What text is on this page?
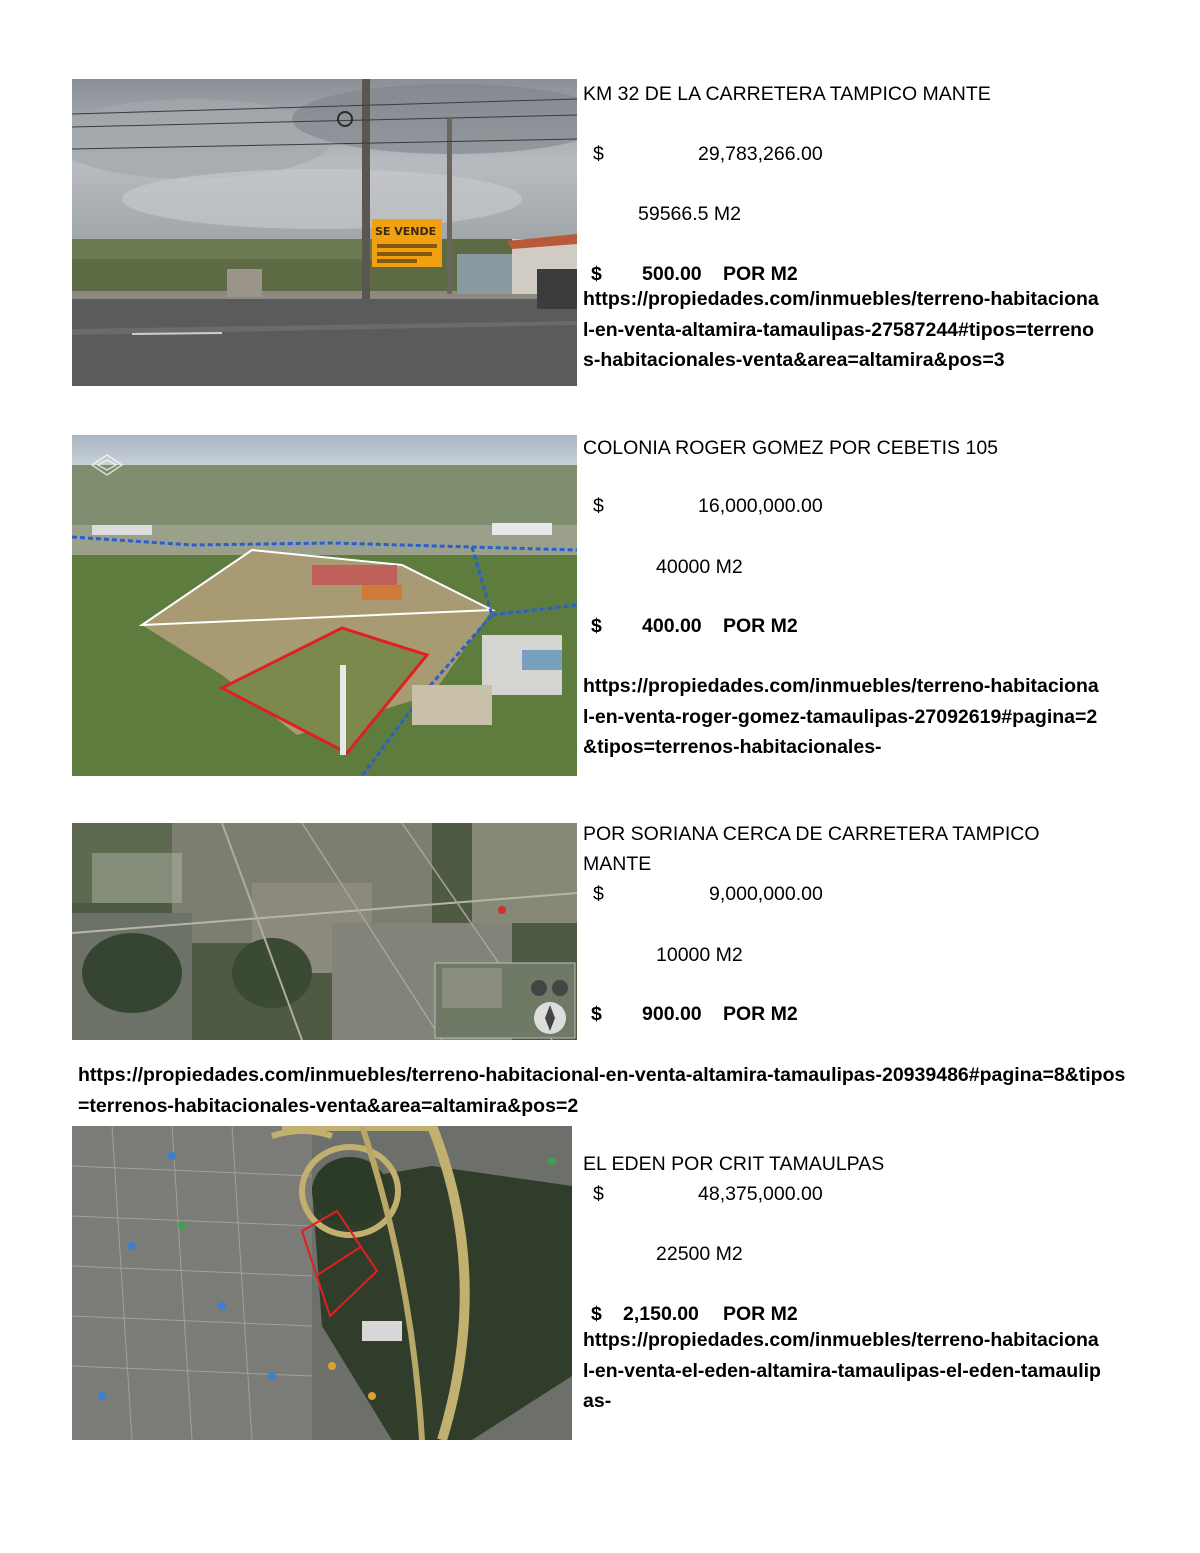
SE VENDE
KM 32 DE LA CARRETERA TAMPICO MANTE
$	29,783,266.00
59566.5 M2
$ 500.00 POR M2
https://propiedades.com/inmuebles/terreno-habitacional-en-venta-altamira-tamaulipas-27587244#tipos=terrenos-habitacionales-venta&area=altamira&pos=3
COLONIA ROGER GOMEZ POR CEBETIS 105
$	16,000,000.00
40000 M2
$ 400.00 POR M2
https://propiedades.com/inmuebles/terreno-habitacional-en-venta-roger-gomez-tamaulipas-27092619#pagina=2&tipos=terrenos-habitacionales-
POR SORIANA CERCA DE CARRETERA TAMPICO
MANTE
$	9,000,000.00
10000 M2
$ 900.00 POR M2
https://propiedades.com/inmuebles/terreno-habitacional-en-venta-altamira-tamaulipas-20939486#pagina=8&tipos=terrenos-habitacionales-venta&area=altamira&pos=2
EL EDEN POR CRIT TAMAULPAS
$	48,375,000.00
22500 M2
$ 2,150.00 POR M2
https://propiedades.com/inmuebles/terreno-habitacional-en-venta-el-eden-altamira-tamaulipas-el-eden-tamaulipas-
